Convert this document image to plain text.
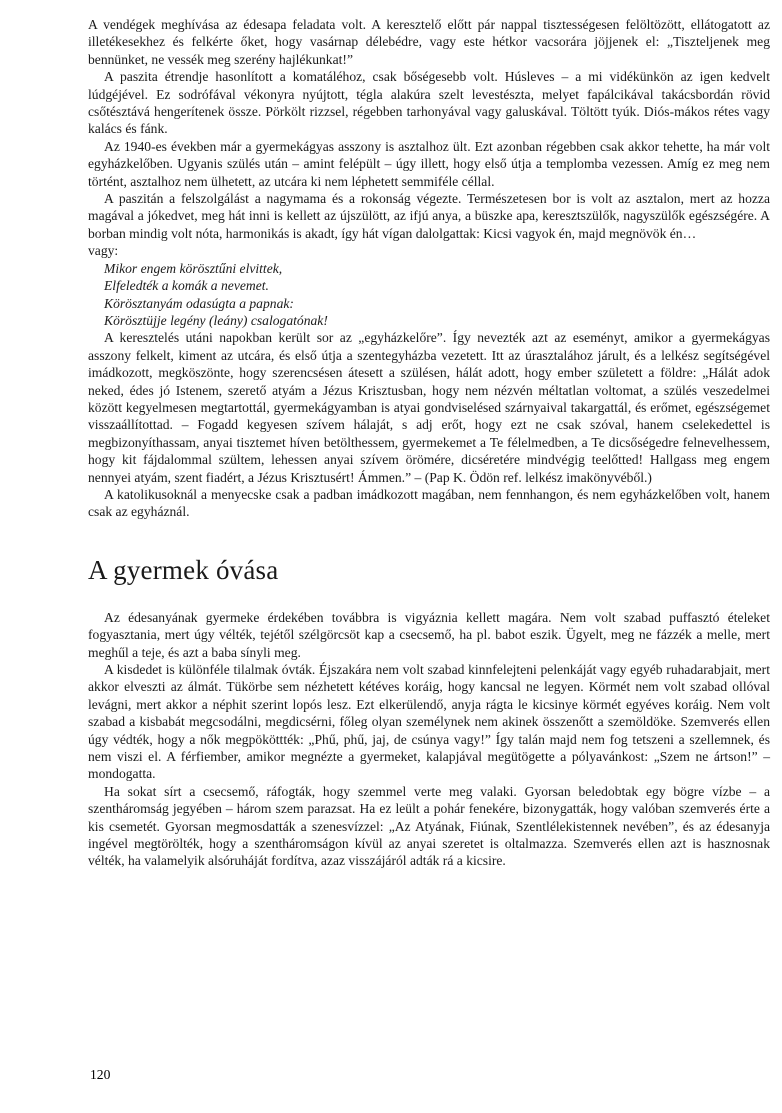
A vendégek meghívása az édesapa feladata volt. A keresztelő előtt pár nappal tisztességesen felöltözött, ellátogatott az illetékesekhez és felkérte őket, hogy vasárnap délebédre, vagy este hétkor vacsorára jöjjenek el: „Tiszteljenek meg bennünket, ne vessék meg szerény hajlékunkat!”

A paszita étrendje hasonlított a komatáléhoz, csak bőségesebb volt. Húsleves – a mi vidékünkön az igen kedvelt lúdgéjével. Ez sodrófával vékonyra nyújtott, tégla alakúra szelt levestészta, melyet fapálcikával takácsbordán rövid csőtésztává hengerítenek össze. Pörkölt rizzsel, régebben tarhonyával vagy galuskával. Töltött tyúk. Diós-mákos rétes vagy kalács és fánk.

Az 1940-es években már a gyermekágyas asszony is asztalhoz ült. Ezt azonban régebben csak akkor tehette, ha már volt egyházkelőben. Ugyanis szülés után – amint felépült – úgy illett, hogy első útja a templomba vezessen. Amíg ez meg nem történt, asztalhoz nem ülhetett, az utcára ki nem léphetett semmiféle céllal.

A paszitán a felszolgálást a nagymama és a rokonság végezte. Természetesen bor is volt az asztalon, mert az hozza magával a jókedvet, meg hát inni is kellett az újszülött, az ifjú anya, a büszke apa, keresztszülők, nagyszülők egészségére. A borban mindig volt nóta, harmonikás is akadt, így hát vígan dalolgattak: Kicsi vagyok én, majd megnövök én…

vagy:

Mikor engem körösztűni elvittek,

Elfeledték a komák a nevemet.

Körösztanyám odasúgta a papnak:

Körösztüjje legény (leány) csalogatónak!

A keresztelés utáni napokban került sor az „egyházkelőre”. Így nevezték azt az eseményt, amikor a gyermekágyas asszony felkelt, kiment az utcára, és első útja a szentegyházba vezetett. Itt az úrasztalához járult, és a lelkész segítségével imádkozott, megköszönte, hogy szerencsésen átesett a szülésen, hálát adott, hogy ember született a földre: „Hálát adok neked, édes jó Istenem, szerető atyám a Jézus Krisztusban, hogy nem nézvén méltatlan voltomat, a szülés veszedelmei között kegyelmesen megtartottál, gyermekágyamban is atyai gondviselésed szárnyaival takargattál, és erőmet, egészségemet visszaállítottad. – Fogadd kegyesen szívem hálaját, s adj erőt, hogy ezt ne csak szóval, hanem cselekedettel is megbizonyíthassam, anyai tisztemet híven betölthessem, gyermekemet a Te félelmedben, a Te dicsőségedre felnevelhessem, hogy kit fájdalommal szültem, lehessen anyai szívem örömére, dicséretére mindvégig teelőtted! Hallgass meg engem nennyei atyám, szent fiadért, a Jézus Krisztusért! Ámmen.” – (Pap K. Ödön ref. lelkész imakönyvéből.)

A katolikusoknál a menyecske csak a padban imádkozott magában, nem fennhangon, és nem egyházkelőben volt, hanem csak az egyháznál.

A gyermek óvása

Az édesanyának gyermeke érdekében továbbra is vigyáznia kellett magára. Nem volt szabad puffasztó ételeket fogyasztania, mert úgy vélték, tejétől szélgörcsöt kap a csecsemő, ha pl. babot eszik. Ügyelt, meg ne fázzék a melle, mert meghűl a teje, és azt a baba sínyli meg.

A kisdedet is különféle tilalmak óvták. Éjszakára nem volt szabad kinnfelejteni pelenkáját vagy egyéb ruhadarabjait, mert akkor elveszti az álmát. Tükörbe sem nézhetett kétéves koráig, hogy kancsal ne legyen. Körmét nem volt szabad ollóval levágni, mert akkor a néphit szerint lopós lesz. Ezt elkerülendő, anyja rágta le kicsinye körmét egyéves koráig. Nem volt szabad a kisbabát megcsodálni, megdicsérni, főleg olyan személynek nem akinek összenőtt a szemöldöke. Szemverés ellen úgy védték, hogy a nők megpököttték: „Phű, phű, jaj, de csúnya vagy!” Így talán majd nem fog tetszeni a szellemnek, és nem viszi el. A férfiember, amikor megnézte a gyermeket, kalapjával megütögette a pólyavánkost: „Szem ne ártson!” – mondogatta.

Ha sokat sírt a csecsemő, ráfogták, hogy szemmel verte meg valaki. Gyorsan beledobtak egy bögre vízbe – a szentháromság jegyében – három szem parazsat. Ha ez leült a pohár fenekére, bizonygatták, hogy valóban szemverés érte a kis csemetét. Gyorsan megmosdatták a szenesvízzel: „Az Atyának, Fiúnak, Szentlélekistennek nevében”, és az édesanyja ingével megtörölték, hogy a szentháromságon kívül az anyai szeretet is oltalmazza. Szemverés ellen azt is hasznosnak vélték, ha valamelyik alsóruháját fordítva, azaz visszájáról adták rá a kicsire.

120
